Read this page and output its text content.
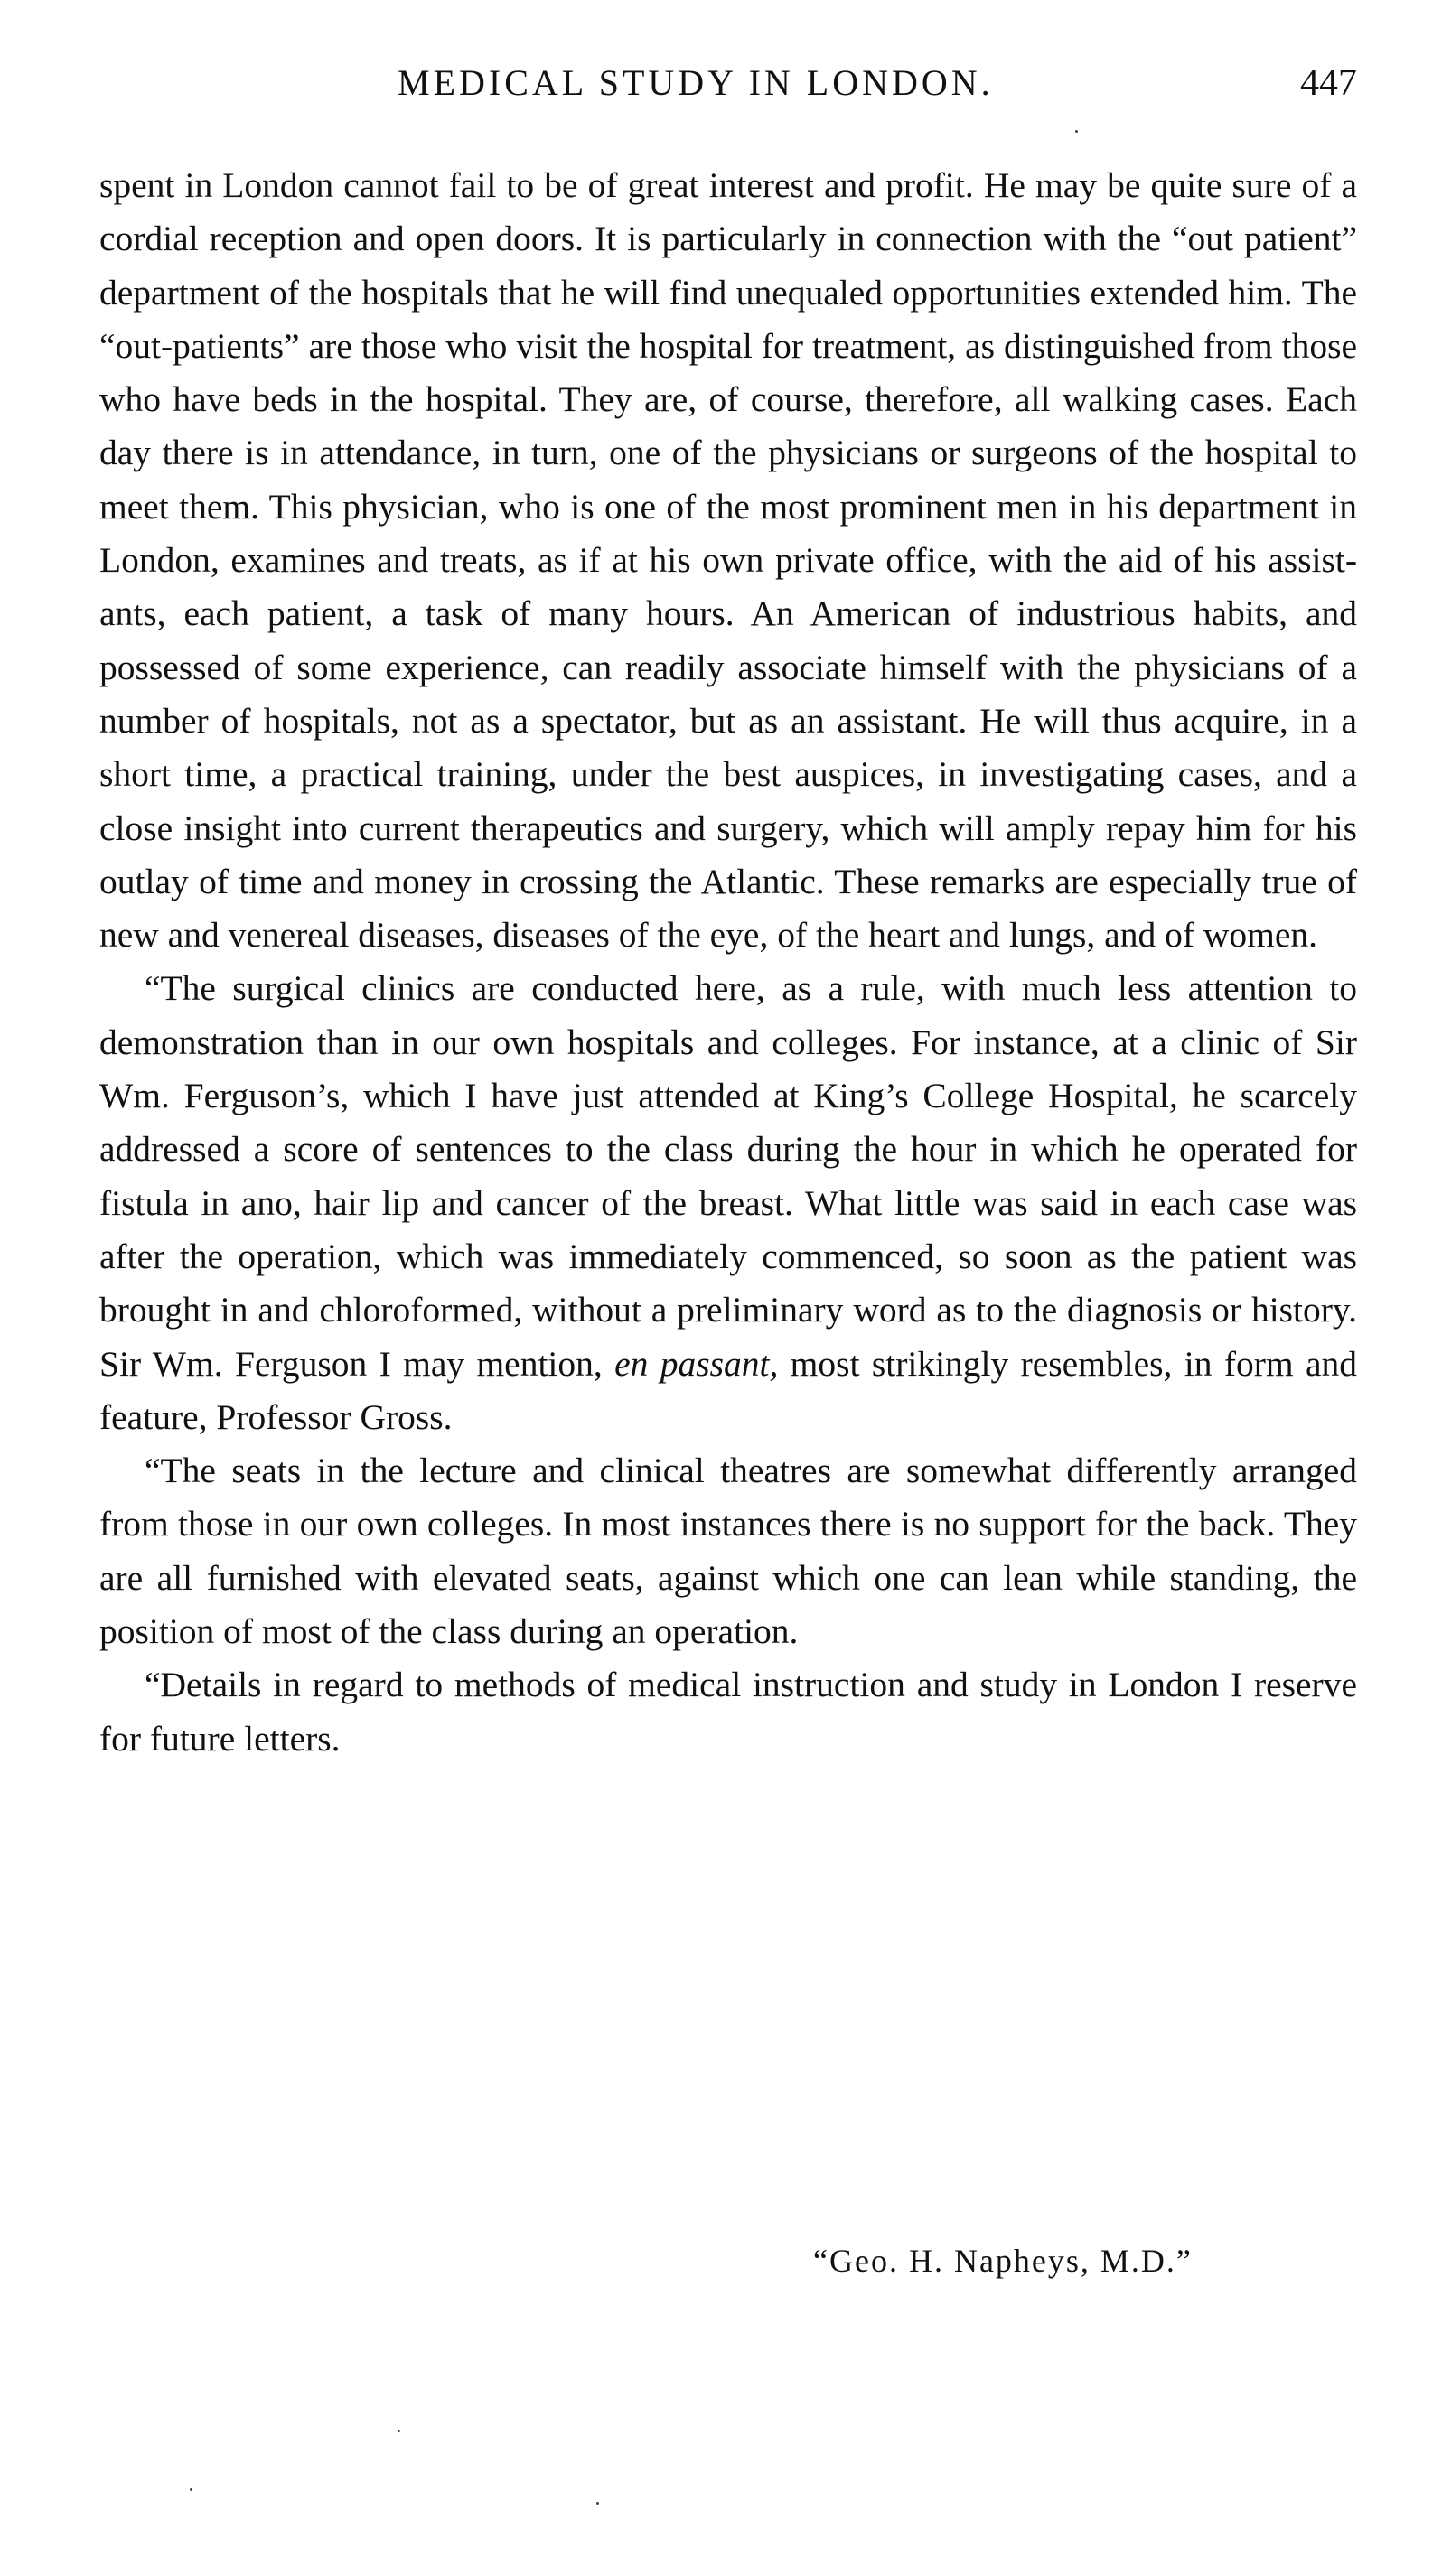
MEDICAL STUDY IN LONDON.	447

spent in London cannot fail to be of great interest and profit. He may be quite sure of a cordial reception and open doors. It is particularly in connection with the “out patient” department of the hospitals that he will find unequaled opportunities extended him. The “out-patients” are those who visit the hospital for treatment, as distinguished from those who have beds in the hospital. They are, of course, therefore, all walking cases. Each day there is in attendance, in turn, one of the physicians or surgeons of the hospital to meet them. This physician, who is one of the most prominent men in his department in London, examines and treats, as if at his own private office, with the aid of his assistants, each patient, a task of many hours. An American of industrious habits, and possessed of some experience, can readily associate himself with the physicians of a number of hospitals, not as a spectator, but as an assistant. He will thus acquire, in a short time, a practical training, under the best auspices, in investigating cases, and a close insight into current therapeutics and surgery, which will amply repay him for his outlay of time and money in crossing the Atlantic. These remarks are especially true of new and venereal diseases, diseases of the eye, of the heart and lungs, and of women.

“The surgical clinics are conducted here, as a rule, with much less attention to demonstration than in our own hospitals and colleges. For instance, at a clinic of Sir Wm. Ferguson’s, which I have just attended at King’s College Hospital, he scarcely addressed a score of sentences to the class during the hour in which he operated for fistula in ano, hair lip and cancer of the breast. What little was said in each case was after the operation, which was immediately commenced, so soon as the patient was brought in and chloroformed, without a preliminary word as to the diagnosis or history. Sir Wm. Ferguson I may mention, en passant, most strikingly resembles, in form and feature, Professor Gross.

“The seats in the lecture and clinical theatres are somewhat differently arranged from those in our own colleges. In most instances there is no support for the back. They are all furnished with elevated seats, against which one can lean while standing, the position of most of the class during an operation.

“Details in regard to methods of medical instruction and study in London I reserve for future letters.

“Geo. H. Napheys, M.D.”
